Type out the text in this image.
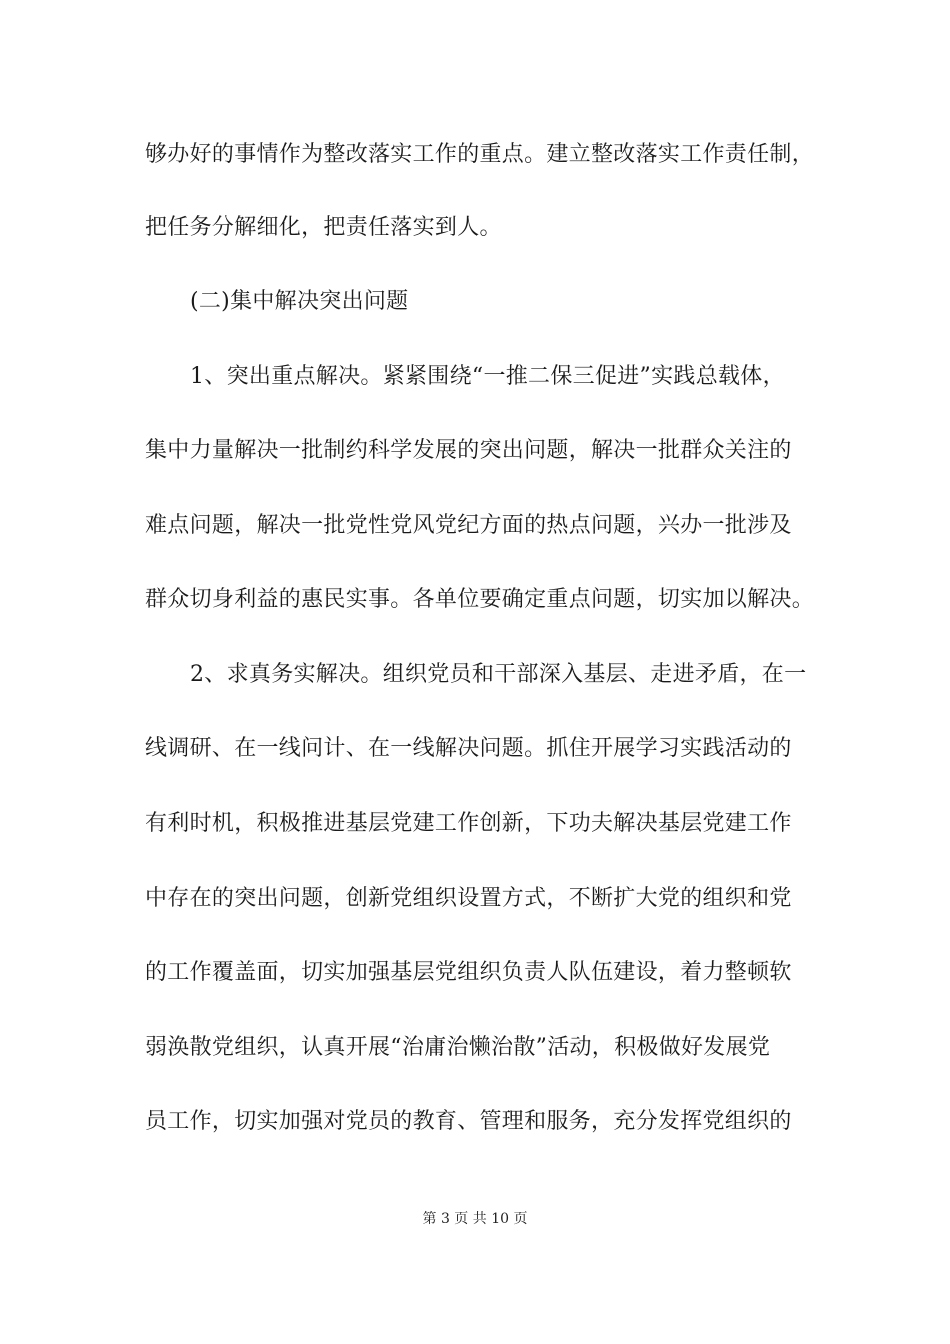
够办好的事情作为整改落实工作的重点。建立整改落实工作责任制，
把任务分解细化，把责任落实到人。
(二)集中解决突出问题
1、突出重点解决。紧紧围绕“一推二保三促进”实践总载体，
集中力量解决一批制约科学发展的突出问题，解决一批群众关注的
难点问题，解决一批党性党风党纪方面的热点问题，兴办一批涉及
群众切身利益的惠民实事。各单位要确定重点问题，切实加以解决。
2、求真务实解决。组织党员和干部深入基层、走进矛盾，在一
线调研、在一线问计、在一线解决问题。抓住开展学习实践活动的
有利时机，积极推进基层党建工作创新，下功夫解决基层党建工作
中存在的突出问题，创新党组织设置方式，不断扩大党的组织和党
的工作覆盖面，切实加强基层党组织负责人队伍建设，着力整顿软
弱涣散党组织，认真开展“治庸治懒治散”活动，积极做好发展党
员工作，切实加强对党员的教育、管理和服务，充分发挥党组织的
第 3 页 共 10 页
